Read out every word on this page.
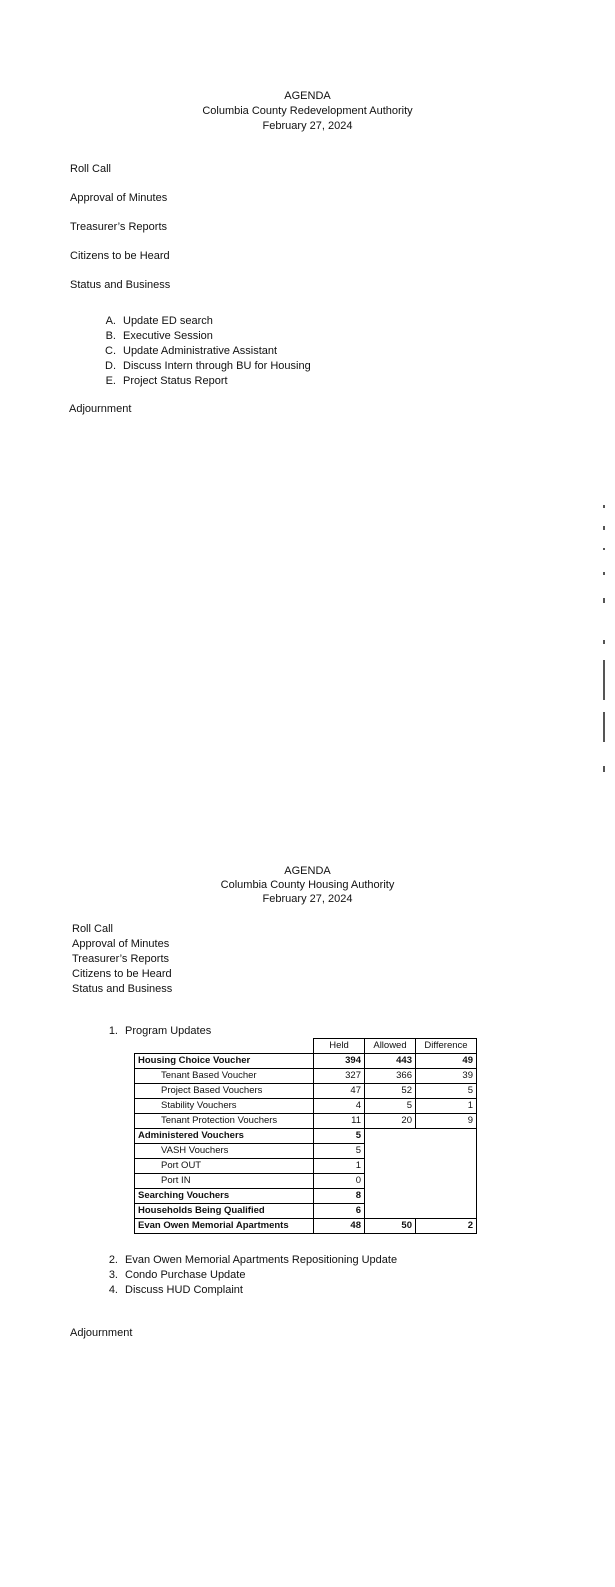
AGENDA
Columbia County Redevelopment Authority
February 27, 2024
Roll Call
Approval of Minutes
Treasurer’s Reports
Citizens to be Heard
Status and Business
A. Update ED search
B. Executive Session
C. Update Administrative Assistant
D. Discuss Intern through BU for Housing
E. Project Status Report
Adjournment
AGENDA
Columbia County Housing Authority
February 27, 2024
Roll Call
Approval of Minutes
Treasurer’s Reports
Citizens to be Heard
Status and Business
1. Program Updates
	Held	Allowed	Difference
Housing Choice Voucher	394	443	49
Tenant Based Voucher	327	366	39
Project Based Vouchers	47	52	5
Stability Vouchers	4	5	1
Tenant Protection Vouchers	11	20	9
Administered Vouchers	5		
VASH Vouchers	5		
Port OUT	1		
Port IN	0		
Searching Vouchers	8		
Households Being Qualified	6		
Evan Owen Memorial Apartments	48	50	2
2. Evan Owen Memorial Apartments Repositioning Update
3. Condo Purchase Update
4. Discuss HUD Complaint
Adjournment
